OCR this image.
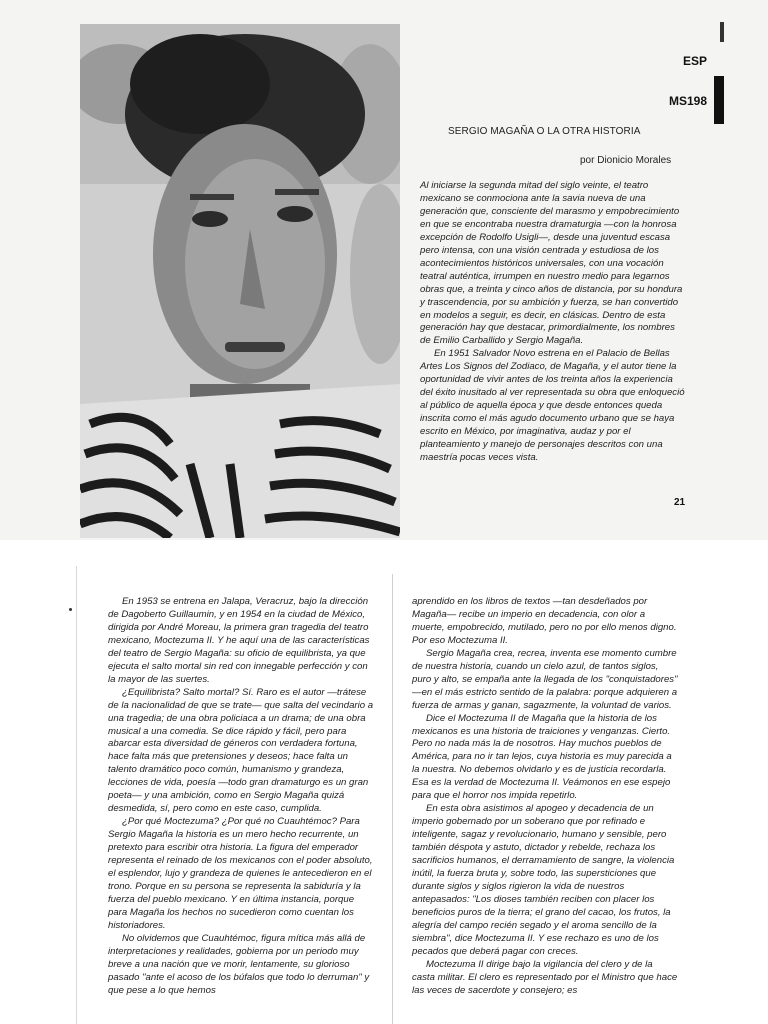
ESP
MS198
SERGIO MAGAÑA O LA OTRA HISTORIA
por Dionicio Morales

Al iniciarse la segunda mitad del siglo veinte, el teatro mexicano se conmociona ante la savia nueva de una generación que, consciente del marasmo y empobrecimiento en que se encontraba nuestra dramaturgia —con la honrosa excepción de Rodolfo Usigli—, desde una juventud escasa pero intensa, con una visión centrada y estudiosa de los acontecimientos históricos universales, con una vocación teatral auténtica, irrumpen en nuestro medio para legarnos obras que, a treinta y cinco años de distancia, por su hondura y trascendencia, por su ambición y fuerza, se han convertido en modelos a seguir, es decir, en clásicas. Dentro de esta generación hay que destacar, primordialmente, los nombres de Emilio Carballido y Sergio Magaña.

En 1951 Salvador Novo estrena en el Palacio de Bellas Artes Los Signos del Zodiaco, de Magaña, y el autor tiene la oportunidad de vivir antes de los treinta años la experiencia del éxito inusitado al ver representada su obra que enloqueció al público de aquella época y que desde entonces queda inscrita como el más agudo documento urbano que se haya escrito en México, por imaginativa, audaz y por el planteamiento y manejo de personajes descritos con una maestría pocas veces vista.

21

En 1953 se entrena en Jalapa, Veracruz, bajo la dirección de Dagoberto Guillaumin, y en 1954 en la ciudad de México, dirigida por André Moreau, la primera gran tragedia del teatro mexicano, Moctezuma II. Y he aquí una de las características del teatro de Sergio Magaña: su oficio de equilibrista, ya que ejecuta el salto mortal sin red con innegable perfección y con la mayor de las suertes.

¿Equilibrista? Salto mortal? Sí. Raro es el autor —trátese de la nacionalidad de que se trate— que salta del vecindario a una tragedia; de una obra policiaca a un drama; de una obra musical a una comedia. Se dice rápido y fácil, pero para abarcar esta diversidad de géneros con verdadera fortuna, hace falta más que pretensiones y deseos; hace falta un talento dramático poco común, humanismo y grandeza, lecciones de vida, poesía —todo gran dramaturgo es un gran poeta— y una ambición, como en Sergio Magaña quizá desmedida, sí, pero como en este caso, cumplida.

¿Por qué Moctezuma? ¿Por qué no Cuauhtémoc? Para Sergio Magaña la historia es un mero hecho recurrente, un pretexto para escribir otra historia. La figura del emperador representa el reinado de los mexicanos con el poder absoluto, el esplendor, lujo y grandeza de quienes le antecedieron en el trono. Porque en su persona se representa la sabiduría y la fuerza del pueblo mexicano. Y en última instancia, porque para Magaña los hechos no sucedieron como cuentan los historiadores.

No olvidemos que Cuauhtémoc, figura mítica más allá de interpretaciones y realidades, gobierna por un periodo muy breve a una nación que ve morir, lentamente, su glorioso pasado "ante el acoso de los búfalos que todo lo derruman" y que pese a lo que hemos

aprendido en los libros de textos —tan desdeñados por Magaña— recibe un imperio en decadencia, con olor a muerte, empobrecido, mutilado, pero no por ello menos digno. Por eso Moctezuma II.

Sergio Magaña crea, recrea, inventa ese momento cumbre de nuestra historia, cuando un cielo azul, de tantos siglos, puro y alto, se empaña ante la llegada de los "conquistadores" —en el más estricto sentido de la palabra: porque adquieren a fuerza de armas y ganan, sagazmente, la voluntad de varios.

Dice el Moctezuma II de Magaña que la historia de los mexicanos es una historia de traiciones y venganzas. Cierto. Pero no nada más la de nosotros. Hay muchos pueblos de América, para no ir tan lejos, cuya historia es muy parecida a la nuestra. No debemos olvidarlo y es de justicia recordarla. Esa es la verdad de Moctezuma II. Veámonos en ese espejo para que el horror nos impida repetirlo.

En esta obra asistimos al apogeo y decadencia de un imperio gobernado por un soberano que por refinado e inteligente, sagaz y revolucionario, humano y sensible, pero también déspota y astuto, dictador y rebelde, rechaza los sacrificios humanos, el derramamiento de sangre, la violencia inútil, la fuerza bruta y, sobre todo, las supersticiones que durante siglos y siglos rigieron la vida de nuestros antepasados: "Los dioses también reciben con placer los beneficios puros de la tierra; el grano del cacao, los frutos, la alegría del campo recién segado y el aroma sencillo de la siembra", dice Moctezuma II. Y ese rechazo es uno de los pecados que deberá pagar con creces.

Moctezuma II dirige bajo la vigilancia del clero y de la casta militar. El clero es representado por el Ministro que hace las veces de sacerdote y consejero; es
